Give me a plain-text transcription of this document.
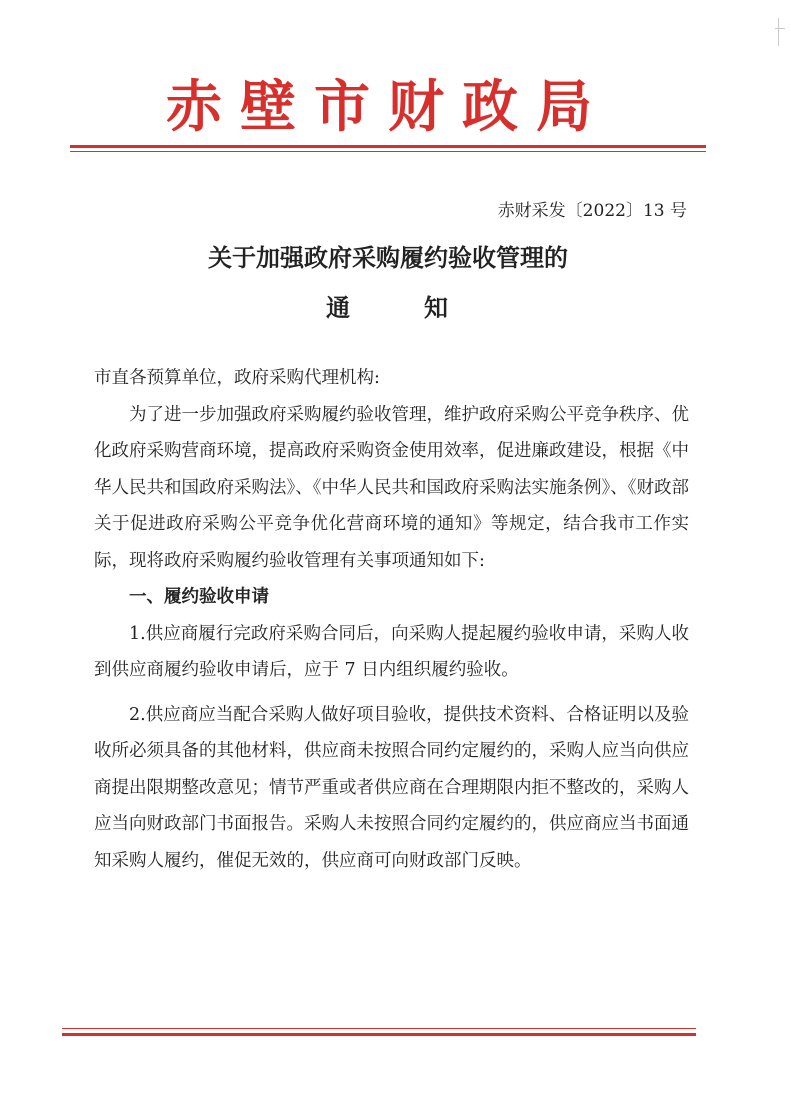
赤壁市财政局
赤财采发〔2022〕13 号
关于加强政府采购履约验收管理的
通	知

市直各预算单位，政府采购代理机构:

为了进一步加强政府采购履约验收管理，维护政府采购公平竞争秩序、优化政府采购营商环境，提高政府采购资金使用效率，促进廉政建设，根据《中华人民共和国政府采购法》、《中华人民共和国政府采购法实施条例》、《财政部关于促进政府采购公平竞争优化营商环境的通知》等规定，结合我市工作实际，现将政府采购履约验收管理有关事项通知如下:

一、履约验收申请

1.供应商履行完政府采购合同后，向采购人提起履约验收申请，采购人收到供应商履约验收申请后，应于 7 日内组织履约验收。

2.供应商应当配合采购人做好项目验收，提供技术资料、合格证明以及验收所必须具备的其他材料，供应商未按照合同约定履约的，采购人应当向供应商提出限期整改意见；情节严重或者供应商在合理期限内拒不整改的，采购人应当向财政部门书面报告。采购人未按照合同约定履约的，供应商应当书面通知采购人履约，催促无效的，供应商可向财政部门反映。
